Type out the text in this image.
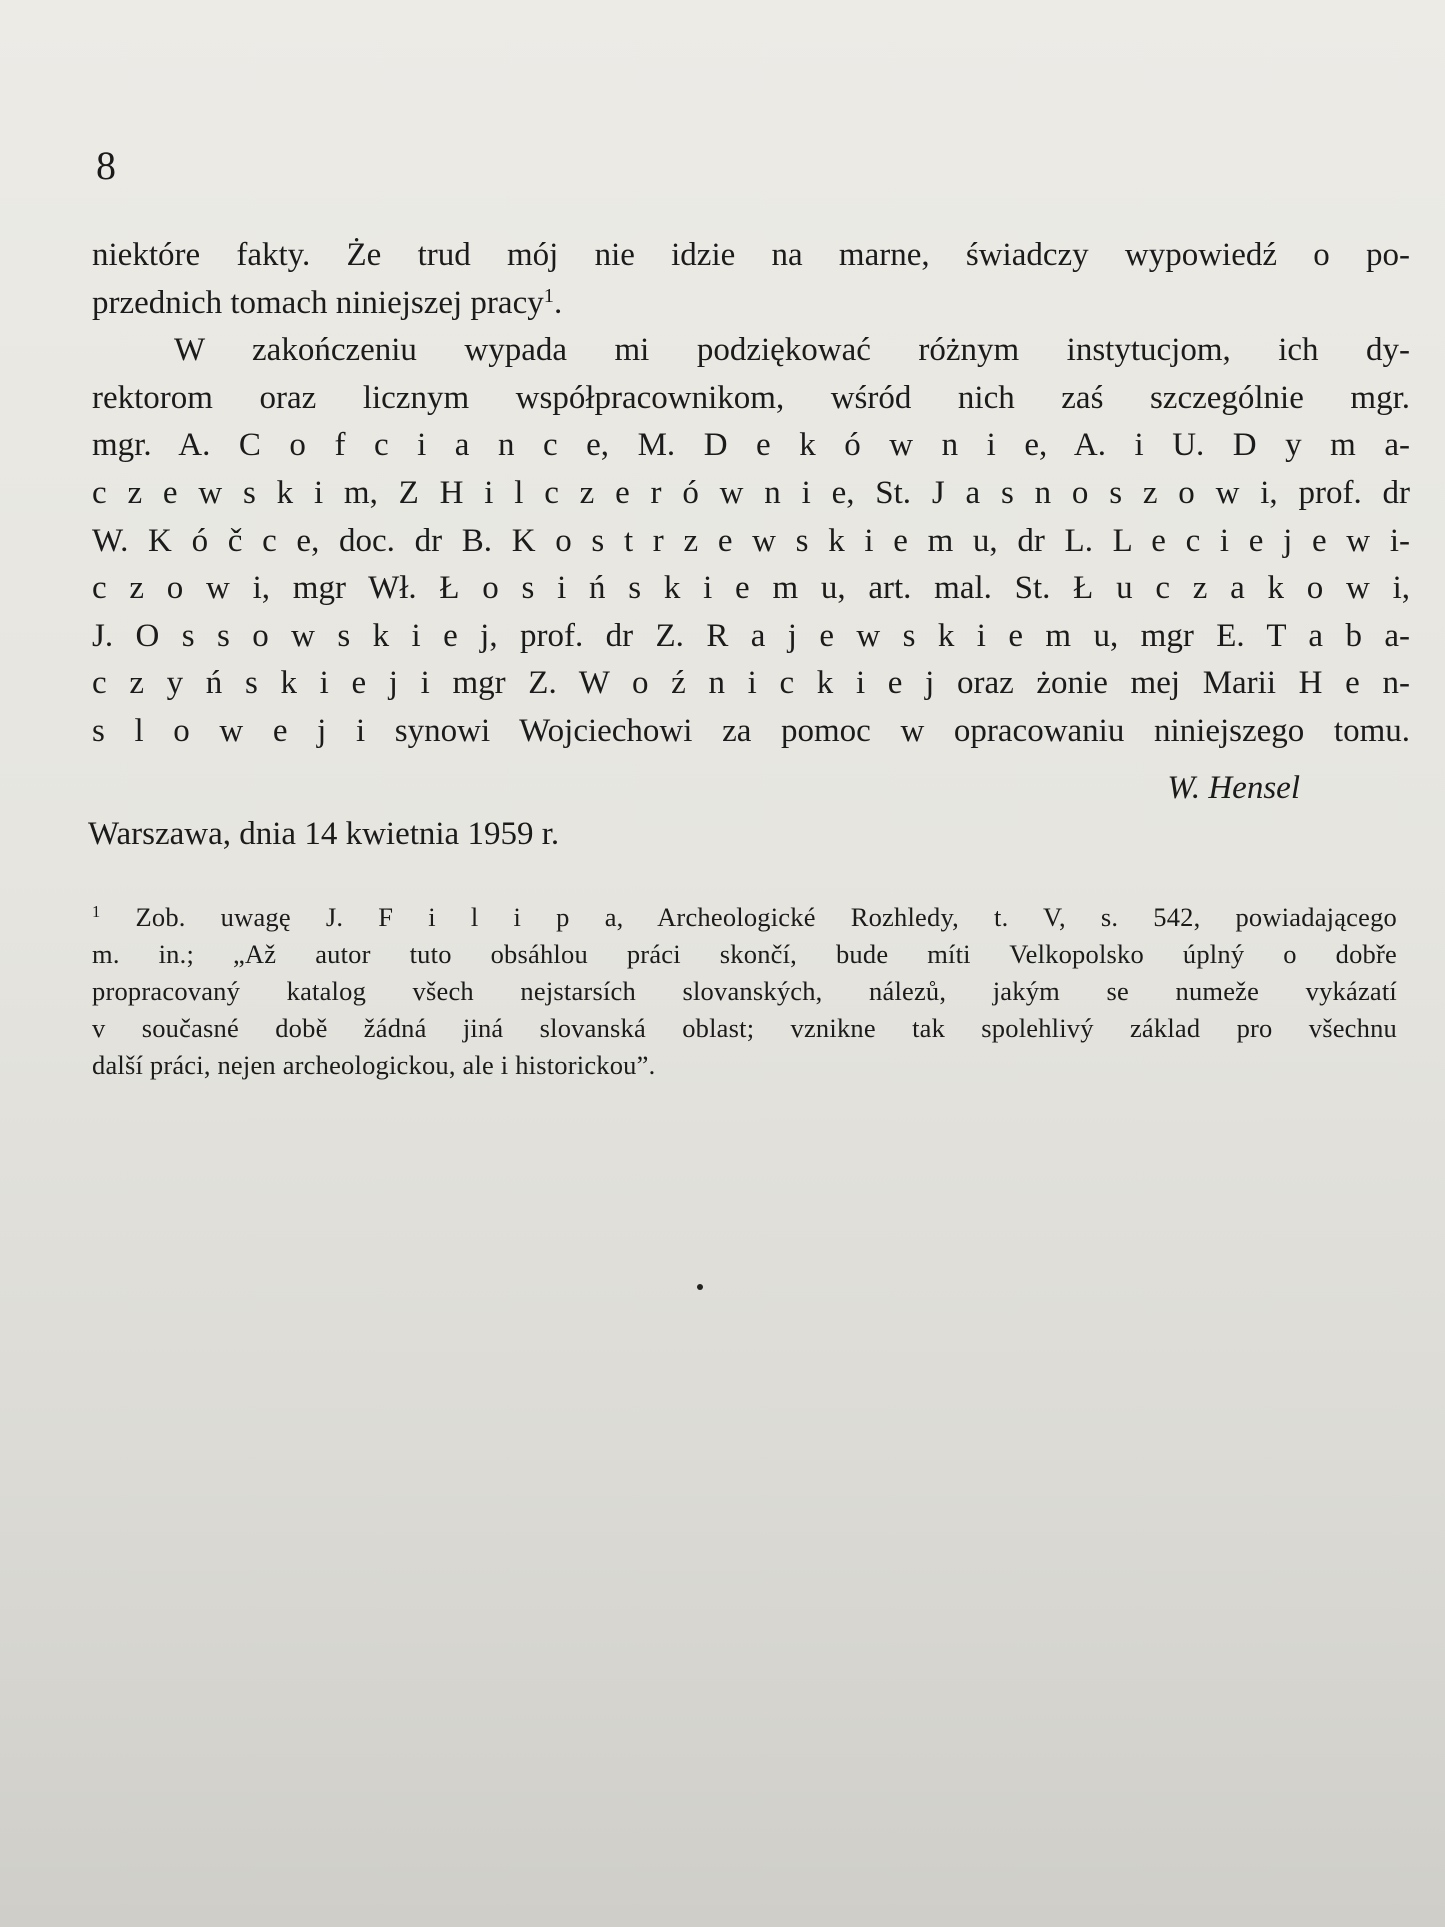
8
niektóre fakty. Że trud mój nie idzie na marne, świadczy wypowiedź o po-
przednich tomach niniejszej pracy$^1$.
W zakończeniu wypada mi podziękować różnym instytucjom, ich dy-
rektorom oraz licznym współpracownikom, wśród nich zaś szczególnie mgr.
mgr. A. C o f c i a n c e, M. D e k ó w n i e, A. i U. D y m a-
c z e w s k i m, Z H i l c z e r ó w n i e, St. J a s n o s z o w i, prof. dr
W. K ó č c e, doc. dr B. K o s t r z e w s k i e m u, dr L. L e c i e j e w i-
c z o w i, mgr Wł. Ł o s i ń s k i e m u, art. mal. St. Ł u c z a k o w i,
J. O s s o w s k i e j, prof. dr Z. R a j e w s k i e m u, mgr E. T a b a-
c z y ń s k i e j i mgr Z. W o ź n i c k i e j oraz żonie mej Marii H e n-
s l o w e j i synowi Wojciechowi za pomoc w opracowaniu niniejszego tomu.
W. Hensel
Warszawa, dnia 14 kwietnia 1959 r.
$^1$ Zob. uwagę J. F i l i p a, Archeologické Rozhledy, t. V, s. 542, powiadającego
m. in.; „Až autor tuto obsáhlou práci skončí, bude míti Velkopolsko úplný o dobře
propracovaný katalog všech nejstarsích slovanských, nálezů, jakým se numeže vykázatí
v současné době žádná jiná slovanská oblast; vznikne tak spolehlivý základ pro všechnu
další práci, nejen archeologickou, ale i historickou”.
